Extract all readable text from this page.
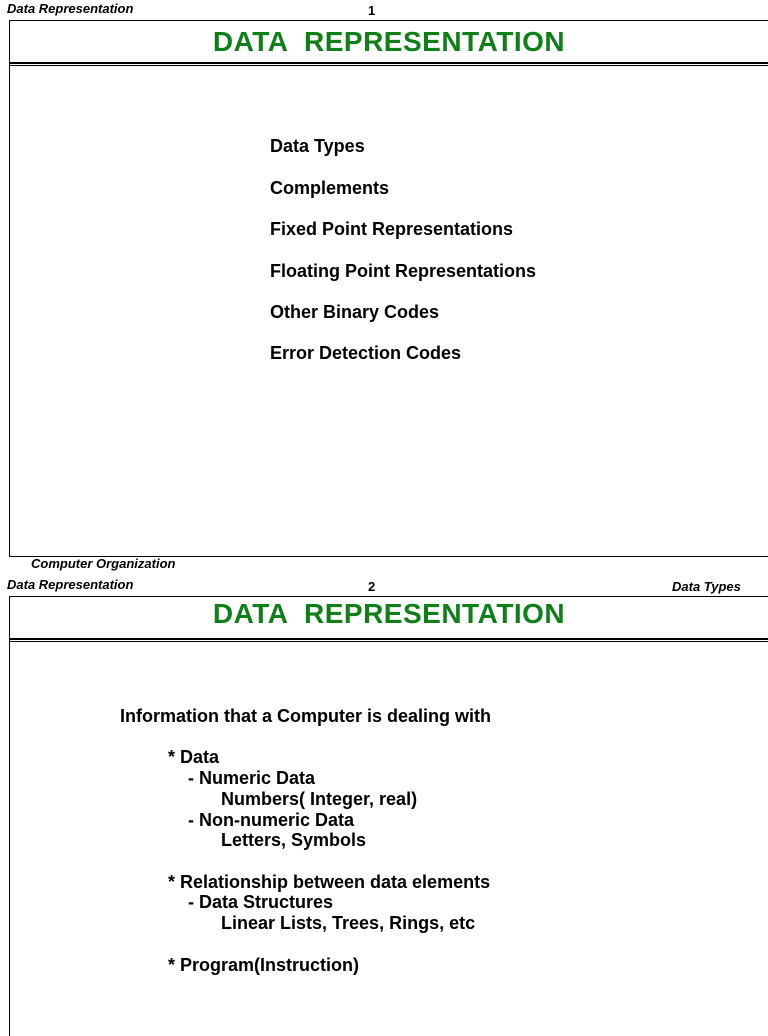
Data Representation	1
DATA  REPRESENTATION
Data Types
Complements
Fixed Point Representations
Floating Point Representations
Other Binary Codes
Error Detection Codes
Computer Organization
Data Representation	2	Data Types
DATA  REPRESENTATION
Information that a Computer is dealing with
* Data
- Numeric Data
Numbers( Integer, real)
- Non-numeric Data
Letters, Symbols
* Relationship between data elements
- Data Structures
Linear Lists, Trees, Rings, etc
* Program(Instruction)
